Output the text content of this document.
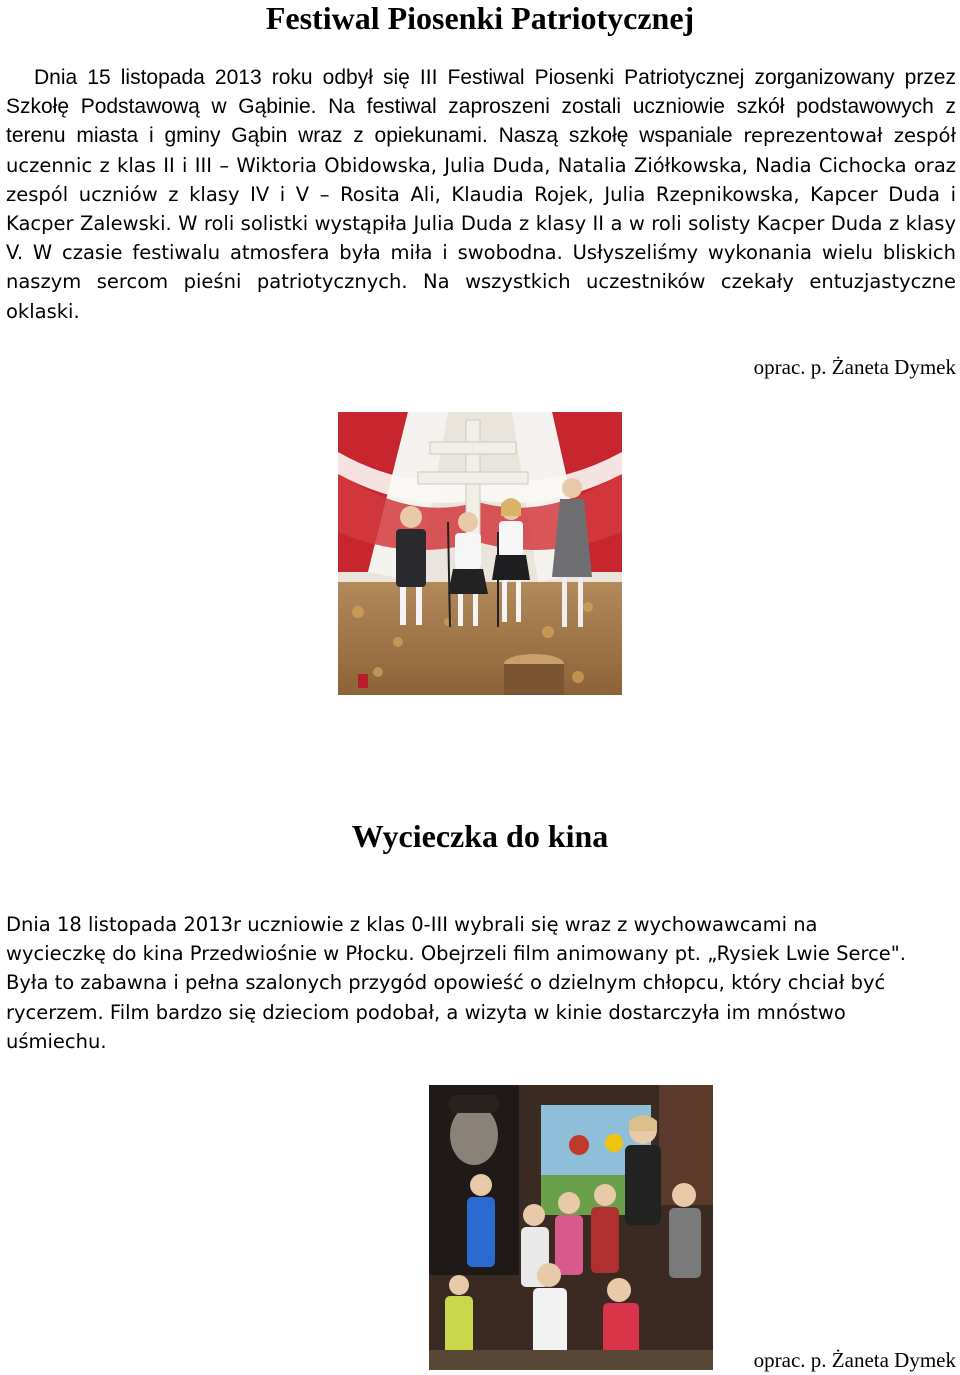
Festiwal Piosenki Patriotycznej

Dnia 15 listopada 2013 roku odbył się III Festiwal Piosenki Patriotycznej zorganizowany przez Szkołę Podstawową w Gąbinie. Na festiwal zaproszeni zostali uczniowie szkół podstawowych z terenu miasta i gminy Gąbin wraz z opiekunami. Naszą szkołę wspaniale reprezentował zespół uczennic z klas II i III – Wiktoria Obidowska, Julia Duda, Natalia Ziółkowska, Nadia Cichocka oraz zespól uczniów z klasy IV i V – Rosita Ali, Klaudia Rojek, Julia Rzepnikowska, Kapcer Duda i Kacper Zalewski. W roli solistki wystąpiła Julia Duda z klasy II a w roli solisty Kacper Duda z klasy V. W czasie festiwalu atmosfera była miła i swobodna. Usłyszeliśmy wykonania wielu bliskich naszym sercom pieśni patriotycznych. Na wszystkich uczestników czekały entuzjastyczne oklaski.

oprac. p. Żaneta Dymek

Wycieczka do kina

Dnia 18 listopada 2013r uczniowie z klas 0-III wybrali się wraz z wychowawcami na wycieczkę do kina Przedwiośnie w Płocku. Obejrzeli film animowany pt. „Rysiek Lwie Serce". Była to zabawna i pełna szalonych przygód opowieść o dzielnym chłopcu, który chciał być rycerzem. Film bardzo się dzieciom podobał, a wizyta w kinie dostarczyła im mnóstwo uśmiechu.

oprac. p. Żaneta Dymek
